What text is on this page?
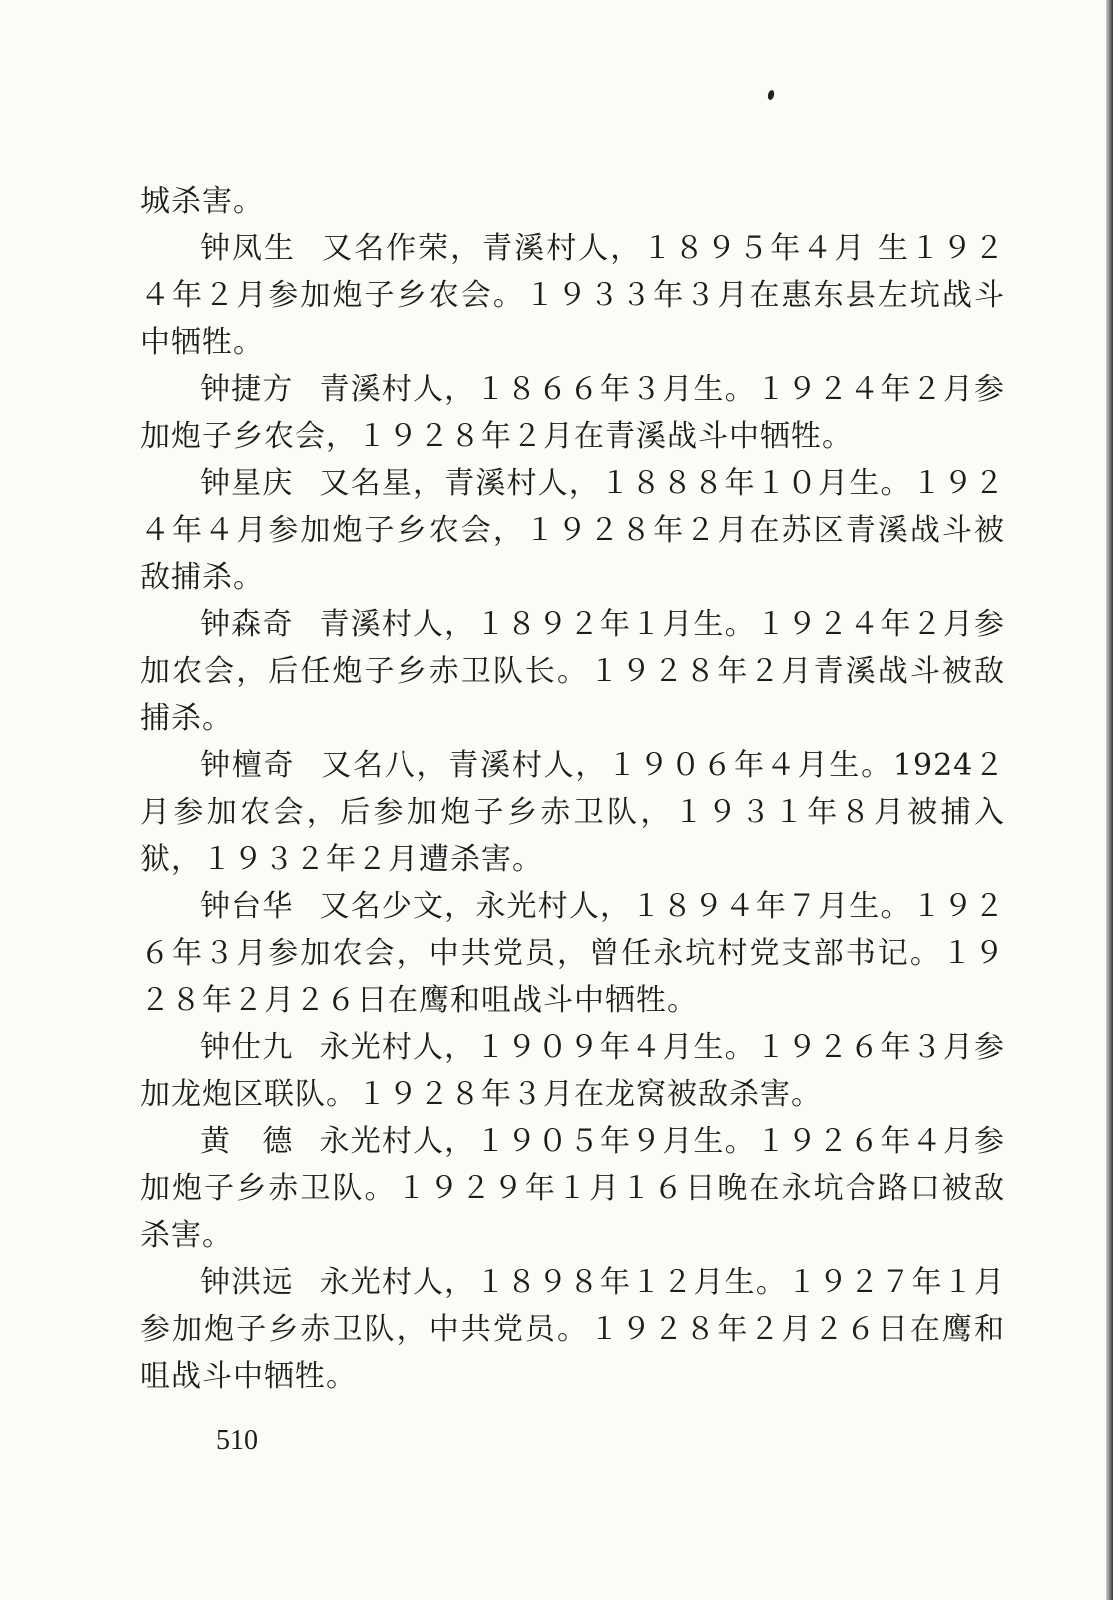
城杀害。

钟凤生 又名作荣，青溪村人，１８９５年４月 生１９２４年２月参加炮子乡农会。１９３３年３月在惠东县左坑战斗中牺牲。

钟捷方 青溪村人，１８６６年３月生。１９２４年２月参加炮子乡农会，１９２８年２月在青溪战斗中牺牲。

钟星庆 又名星，青溪村人，１８８８年１０月生。１９２４年４月参加炮子乡农会，１９２８年２月在苏区青溪战斗被敌捕杀。

钟森奇 青溪村人，１８９２年１月生。１９２４年２月参加农会，后任炮子乡赤卫队长。１９２８年２月青溪战斗被敌捕杀。

钟檀奇 又名八，青溪村人，１９０６年４月生。1924２月参加农会，后参加炮子乡赤卫队，１９３１年８月被捕入狱，１９３２年２月遭杀害。

钟台华 又名少文，永光村人，１８９４年７月生。１９２６年３月参加农会，中共党员，曾任永坑村党支部书记。１９２８年２月２６日在鹰和咀战斗中牺牲。

钟仕九 永光村人，１９０９年４月生。１９２６年３月参加龙炮区联队。１９２８年３月在龙窝被敌杀害。

黄　德 永光村人，１９０５年９月生。１９２６年４月参加炮子乡赤卫队。１９２９年１月１６日晚在永坑合路口被敌杀害。

钟洪远 永光村人，１８９８年１２月生。１９２７年１月参加炮子乡赤卫队，中共党员。１９２８年２月２６日在鹰和咀战斗中牺牲。

510
